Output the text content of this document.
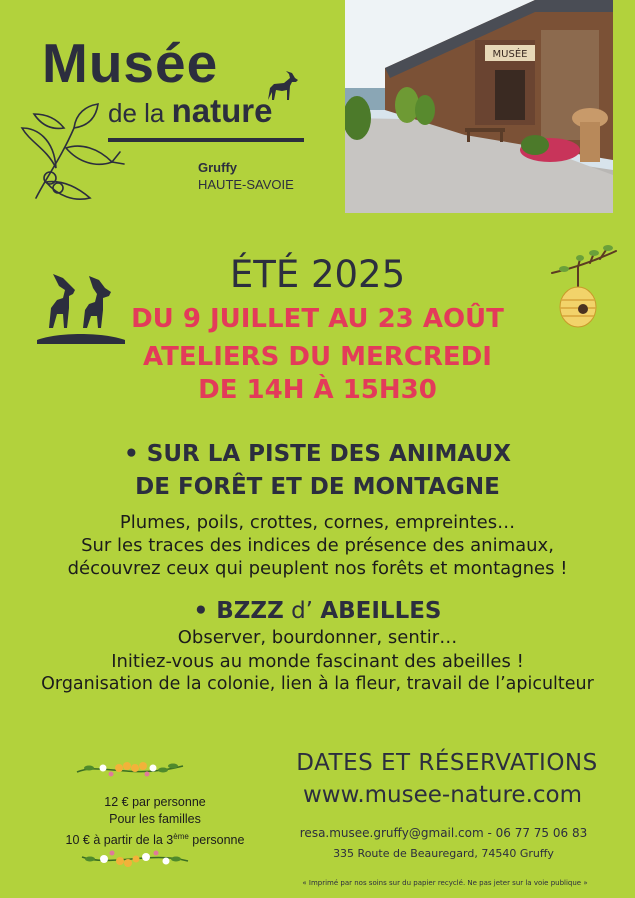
Musée
de la nature
Gruffy
HAUTE-SAVOIE
MUSÉE
ÉTÉ 2025
DU 9 JUILLET AU 23 AOÛT
ATELIERS DU MERCREDI
DE 14H À 15H30
• SUR LA PISTE DES ANIMAUX
DE FORÊT ET DE MONTAGNE
Plumes, poils, crottes, cornes, empreintes…
Sur les traces des indices de présence des animaux,
découvrez ceux qui peuplent nos forêts et montagnes !
• BZZZ d’ ABEILLES
Observer, bourdonner, sentir…
Initiez-vous au monde fascinant des abeilles !
Organisation de la colonie, lien à la fleur, travail de l’apiculteur
12 € par personne
Pour les familles
10 € à partir de la 3ème personne
DATES ET RÉSERVATIONS
www.musee-nature.com
resa.musee.gruffy@gmail.com - 06 77 75 06 83
335 Route de Beauregard, 74540 Gruffy
« Imprimé par nos soins sur du papier recyclé. Ne pas jeter sur la voie publique »
